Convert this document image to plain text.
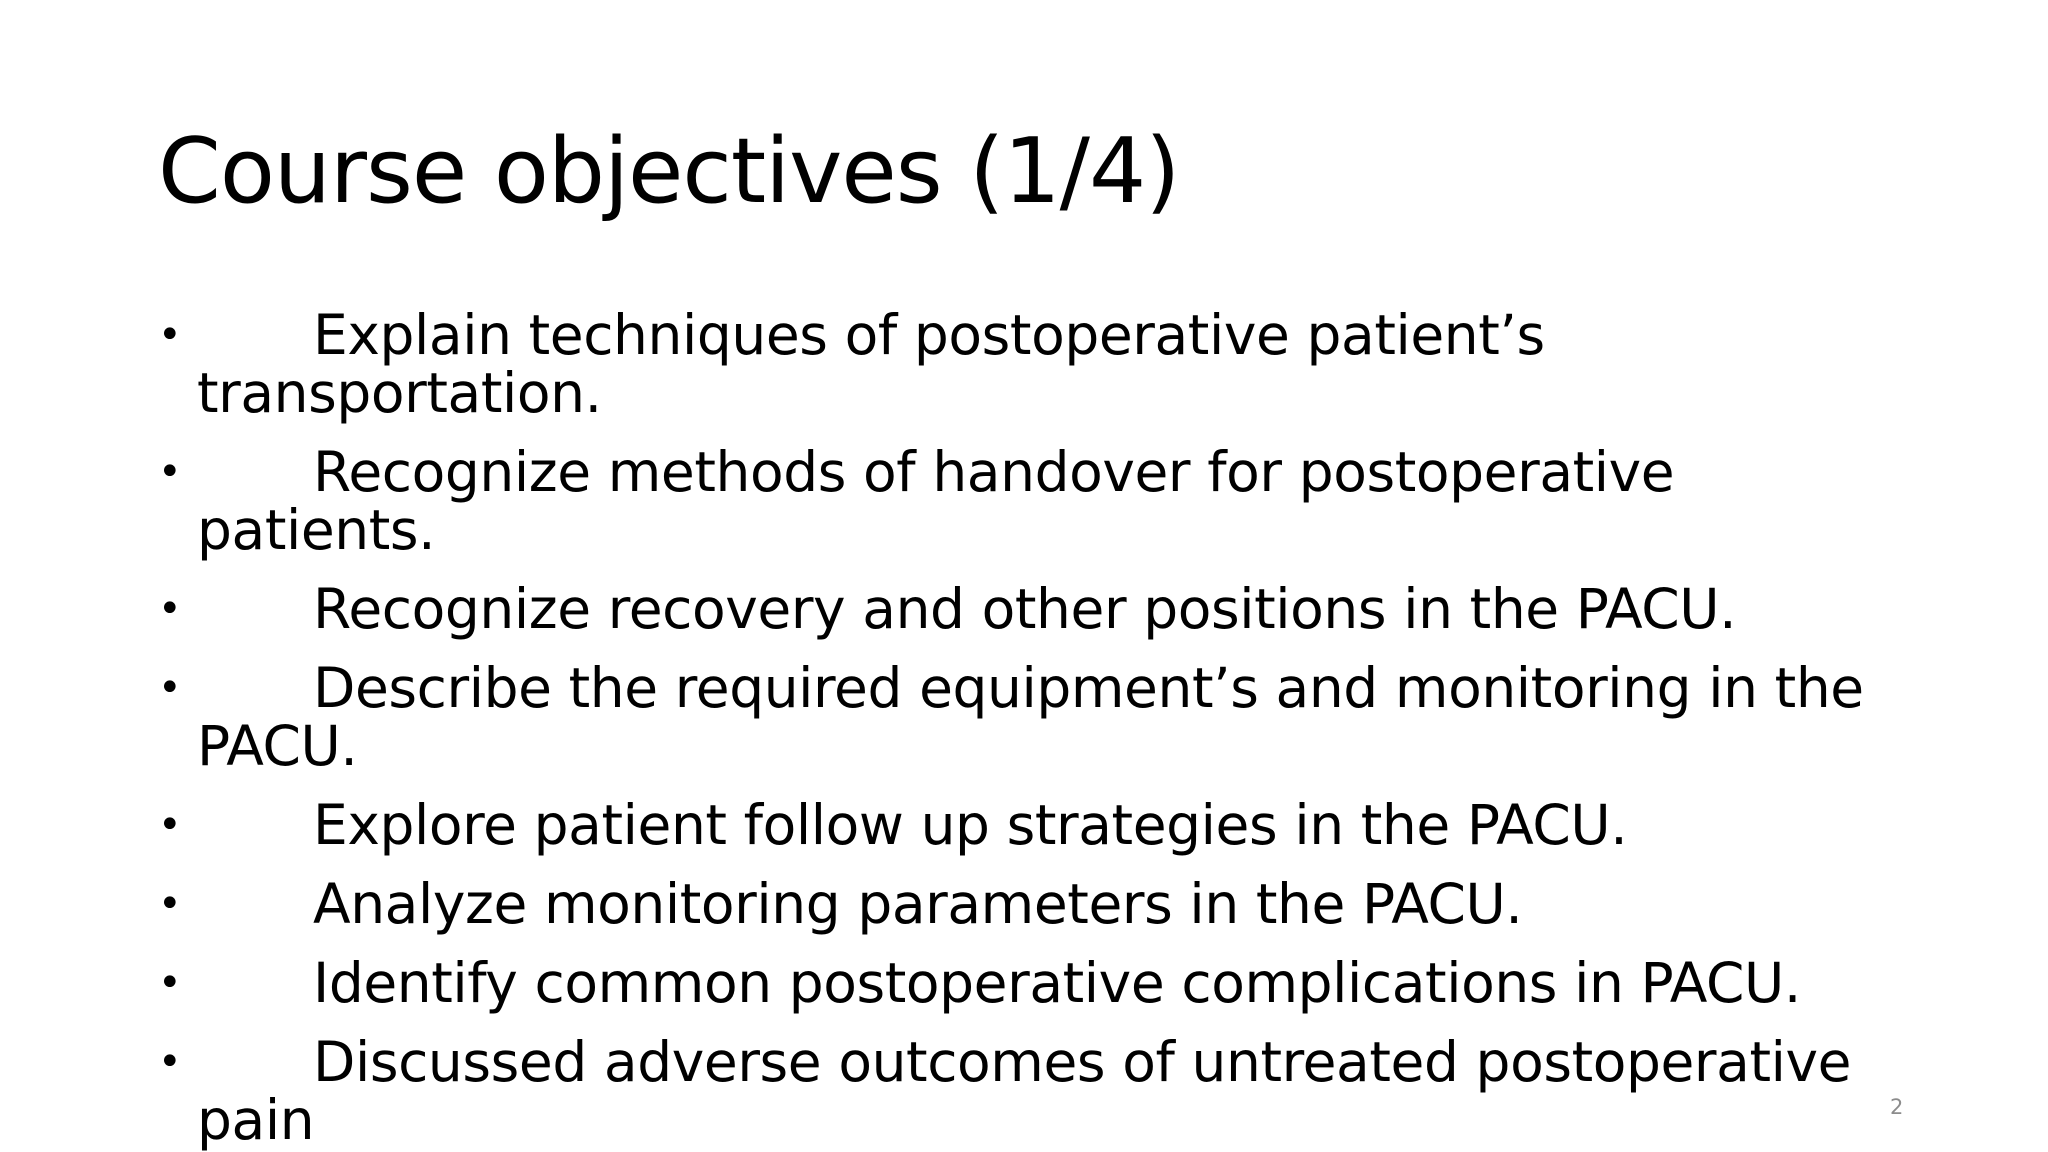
Course objectives (1/4)
•	Explain techniques of postoperative patient’s transportation.
•	Recognize methods of handover for postoperative patients.
•	Recognize recovery and other positions in the PACU.
•	Describe the required equipment’s and monitoring in the PACU.
•	Explore patient follow up strategies in the PACU.
•	Analyze monitoring parameters in the PACU.
•	Identify common postoperative complications in PACU.
•	Discussed adverse outcomes of untreated postoperative pain	2
